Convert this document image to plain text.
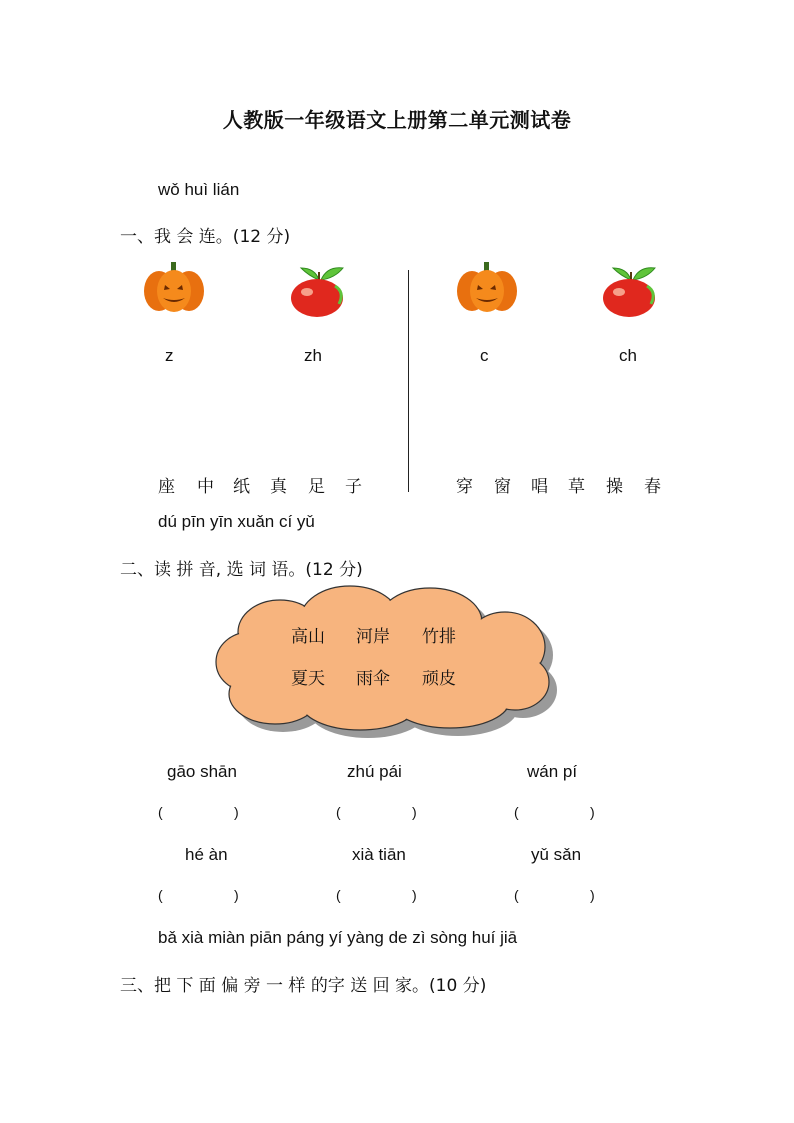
人教版一年级语文上册第二单元测试卷
wǒ huì lián
一、我 会 连。(12 分)
z	zh	c	ch
座 中 纸 真 足 子	穿 窗 唱 草 操 春
dú pīn yīn xuǎn cí yǔ
二、读 拼 音, 选 词 语。(12 分)
高山 河岸 竹排
夏天 雨伞 顽皮
gāo shān	zhú pái	wán pí
(	)	(	)	(	)
hé àn	xià tiān	yǔ sǎn
(	)	(	)	(	)
bǎ xià miàn piān páng yí yàng de zì sòng huí jiā
三、把 下 面 偏 旁 一 样 的字 送 回 家。(10 分)
